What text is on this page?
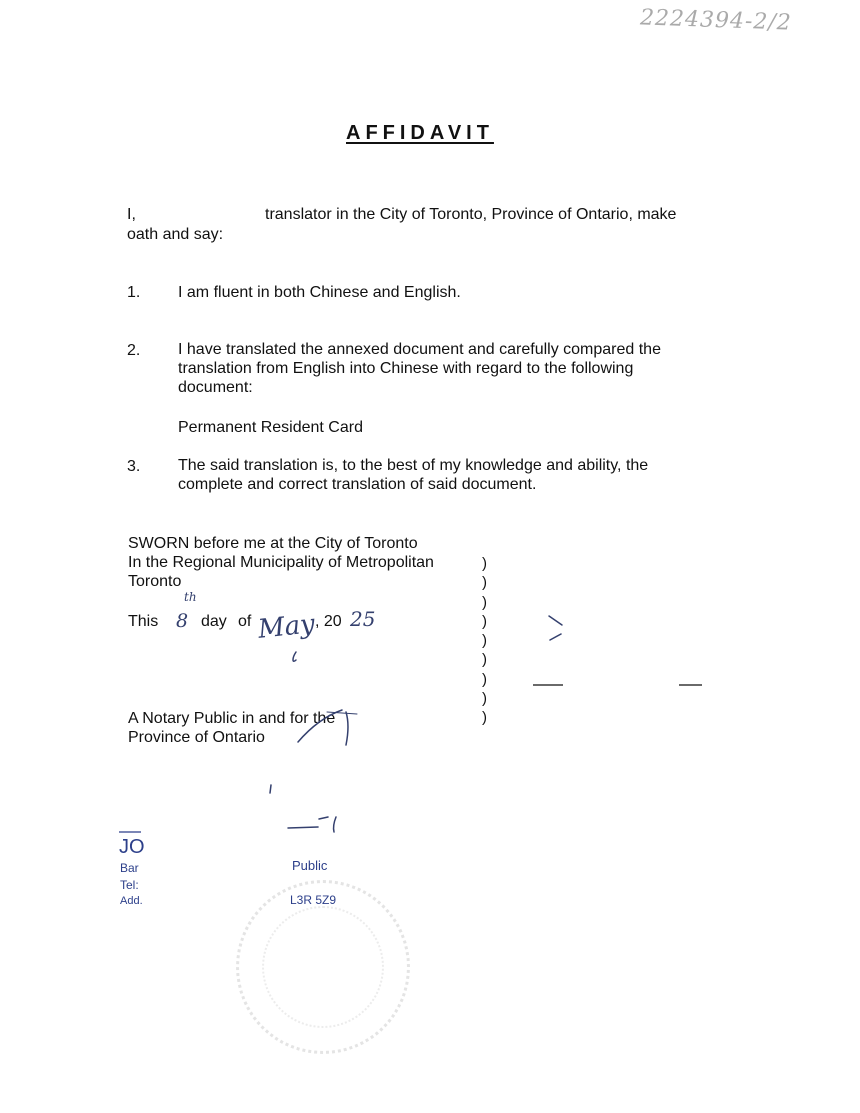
2224394-2/2
AFFIDAVIT
I,	translator in the City of Toronto, Province of Ontario, make
oath and say:
1.	I am fluent in both Chinese and English.
2.	I have translated the annexed document and carefully compared the
translation from English into Chinese with regard to the following
document:
Permanent Resident Card
3.	The said translation is, to the best of my knowledge and ability, the
complete and correct translation of said document.
SWORN before me at the City of Toronto
In the Regional Municipality of Metropolitan
Toronto
This 8
th
day of May
, 20 25
)
)
)
)
)
)
)
)
)
A Notary Public in and for the
Province of Ontario
JO
Bar
Tel:
Add.
Public
L3R 5Z9
